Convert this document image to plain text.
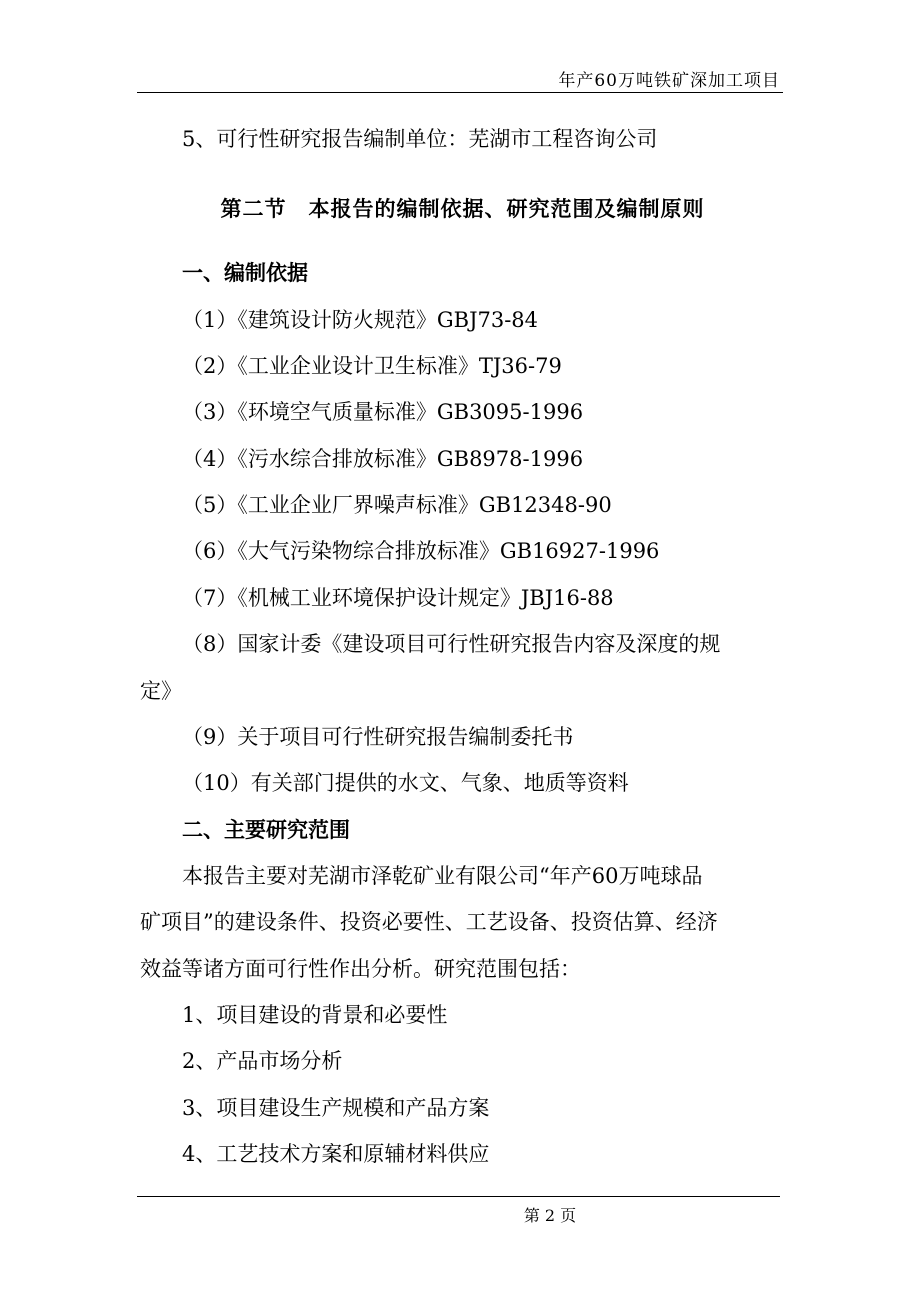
年产60万吨铁矿深加工项目
5、可行性研究报告编制单位：芜湖市工程咨询公司
第二节　本报告的编制依据、研究范围及编制原则
一、编制依据
（1）《建筑设计防火规范》GBJ73-84
（2）《工业企业设计卫生标准》TJ36-79
（3）《环境空气质量标准》GB3095-1996
（4）《污水综合排放标准》GB8978-1996
（5）《工业企业厂界噪声标准》GB12348-90
（6）《大气污染物综合排放标准》GB16927-1996
（7）《机械工业环境保护设计规定》JBJ16-88
（8）国家计委《建设项目可行性研究报告内容及深度的规
定》
（9）关于项目可行性研究报告编制委托书
（10）有关部门提供的水文、气象、地质等资料
二、主要研究范围
本报告主要对芜湖市泽乾矿业有限公司“年产60万吨球品
矿项目”的建设条件、投资必要性、工艺设备、投资估算、经济
效益等诸方面可行性作出分析。研究范围包括：
1、项目建设的背景和必要性
2、产品市场分析
3、项目建设生产规模和产品方案
4、工艺技术方案和原辅材料供应
第 2 页
